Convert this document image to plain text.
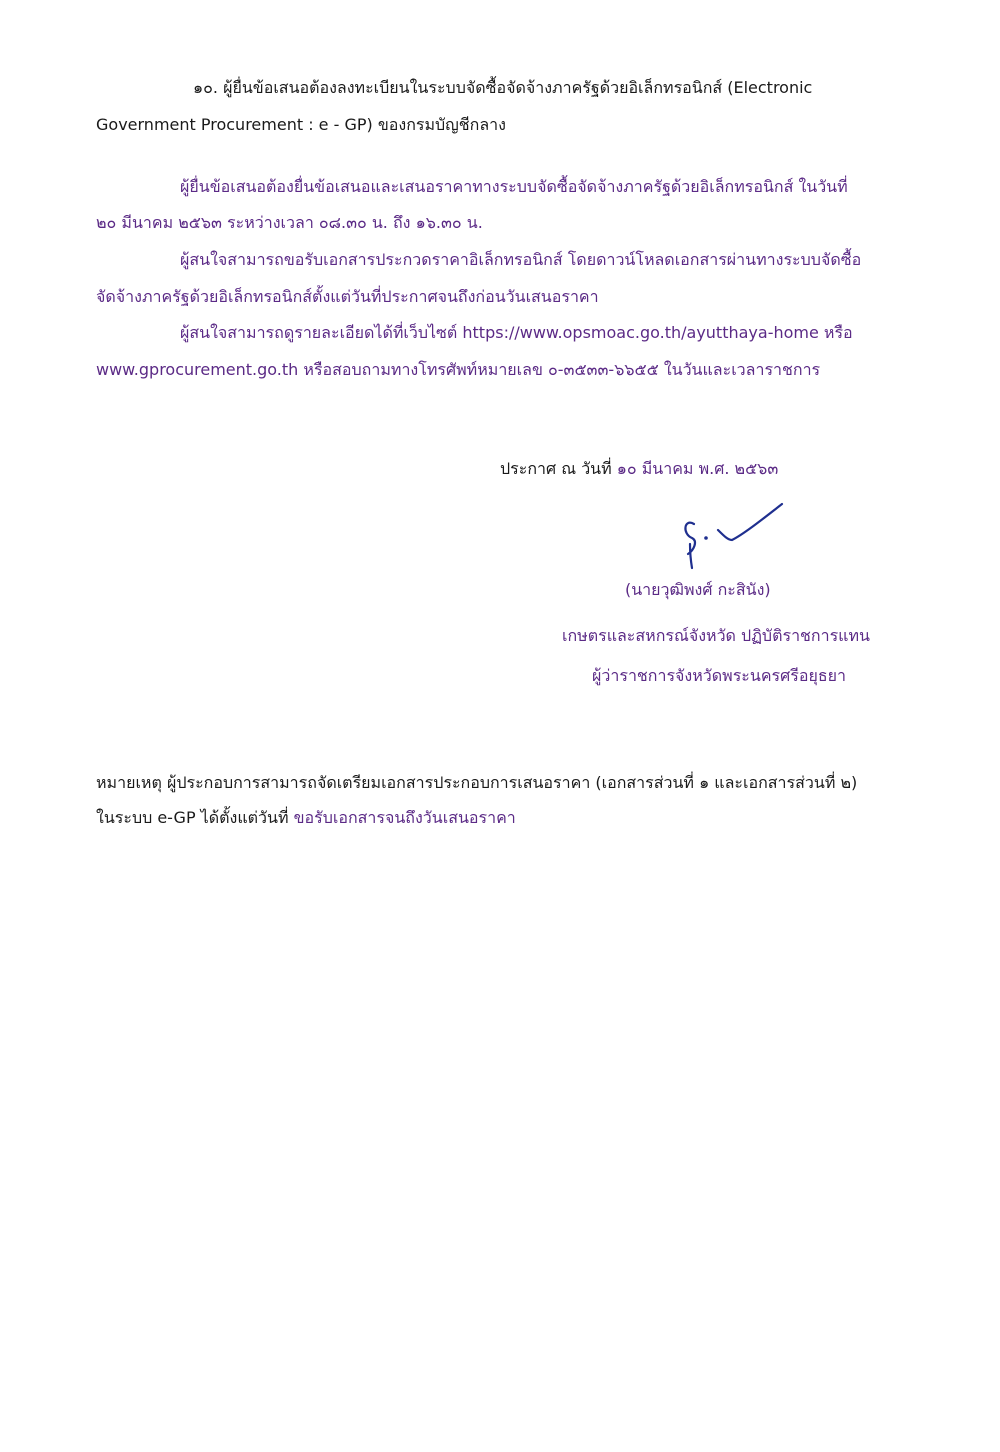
๑๐. ผู้ยื่นข้อเสนอต้องลงทะเบียนในระบบจัดซื้อจัดจ้างภาครัฐด้วยอิเล็กทรอนิกส์ (Electronic
Government Procurement : e - GP) ของกรมบัญชีกลาง
ผู้ยื่นข้อเสนอต้องยื่นข้อเสนอและเสนอราคาทางระบบจัดซื้อจัดจ้างภาครัฐด้วยอิเล็กทรอนิกส์ ในวันที่
๒๐ มีนาคม ๒๕๖๓ ระหว่างเวลา ๐๘.๓๐ น. ถึง ๑๖.๓๐ น.
ผู้สนใจสามารถขอรับเอกสารประกวดราคาอิเล็กทรอนิกส์ โดยดาวน์โหลดเอกสารผ่านทางระบบจัดซื้อ
จัดจ้างภาครัฐด้วยอิเล็กทรอนิกส์ตั้งแต่วันที่ประกาศจนถึงก่อนวันเสนอราคา
ผู้สนใจสามารถดูรายละเอียดได้ที่เว็บไซต์ https://www.opsmoac.go.th/ayutthaya-home หรือ
www.gprocurement.go.th หรือสอบถามทางโทรศัพท์หมายเลข ๐-๓๕๓๓-๖๖๕๕ ในวันและเวลาราชการ
ประกาศ ณ วันที่ ๑๐ มีนาคม พ.ศ. ๒๕๖๓
(นายวุฒิพงศ์ กะสินัง)
เกษตรและสหกรณ์จังหวัด ปฏิบัติราชการแทน
ผู้ว่าราชการจังหวัดพระนครศรีอยุธยา
หมายเหตุ ผู้ประกอบการสามารถจัดเตรียมเอกสารประกอบการเสนอราคา (เอกสารส่วนที่ ๑ และเอกสารส่วนที่ ๒)
ในระบบ e-GP ได้ตั้งแต่วันที่ ขอรับเอกสารจนถึงวันเสนอราคา
